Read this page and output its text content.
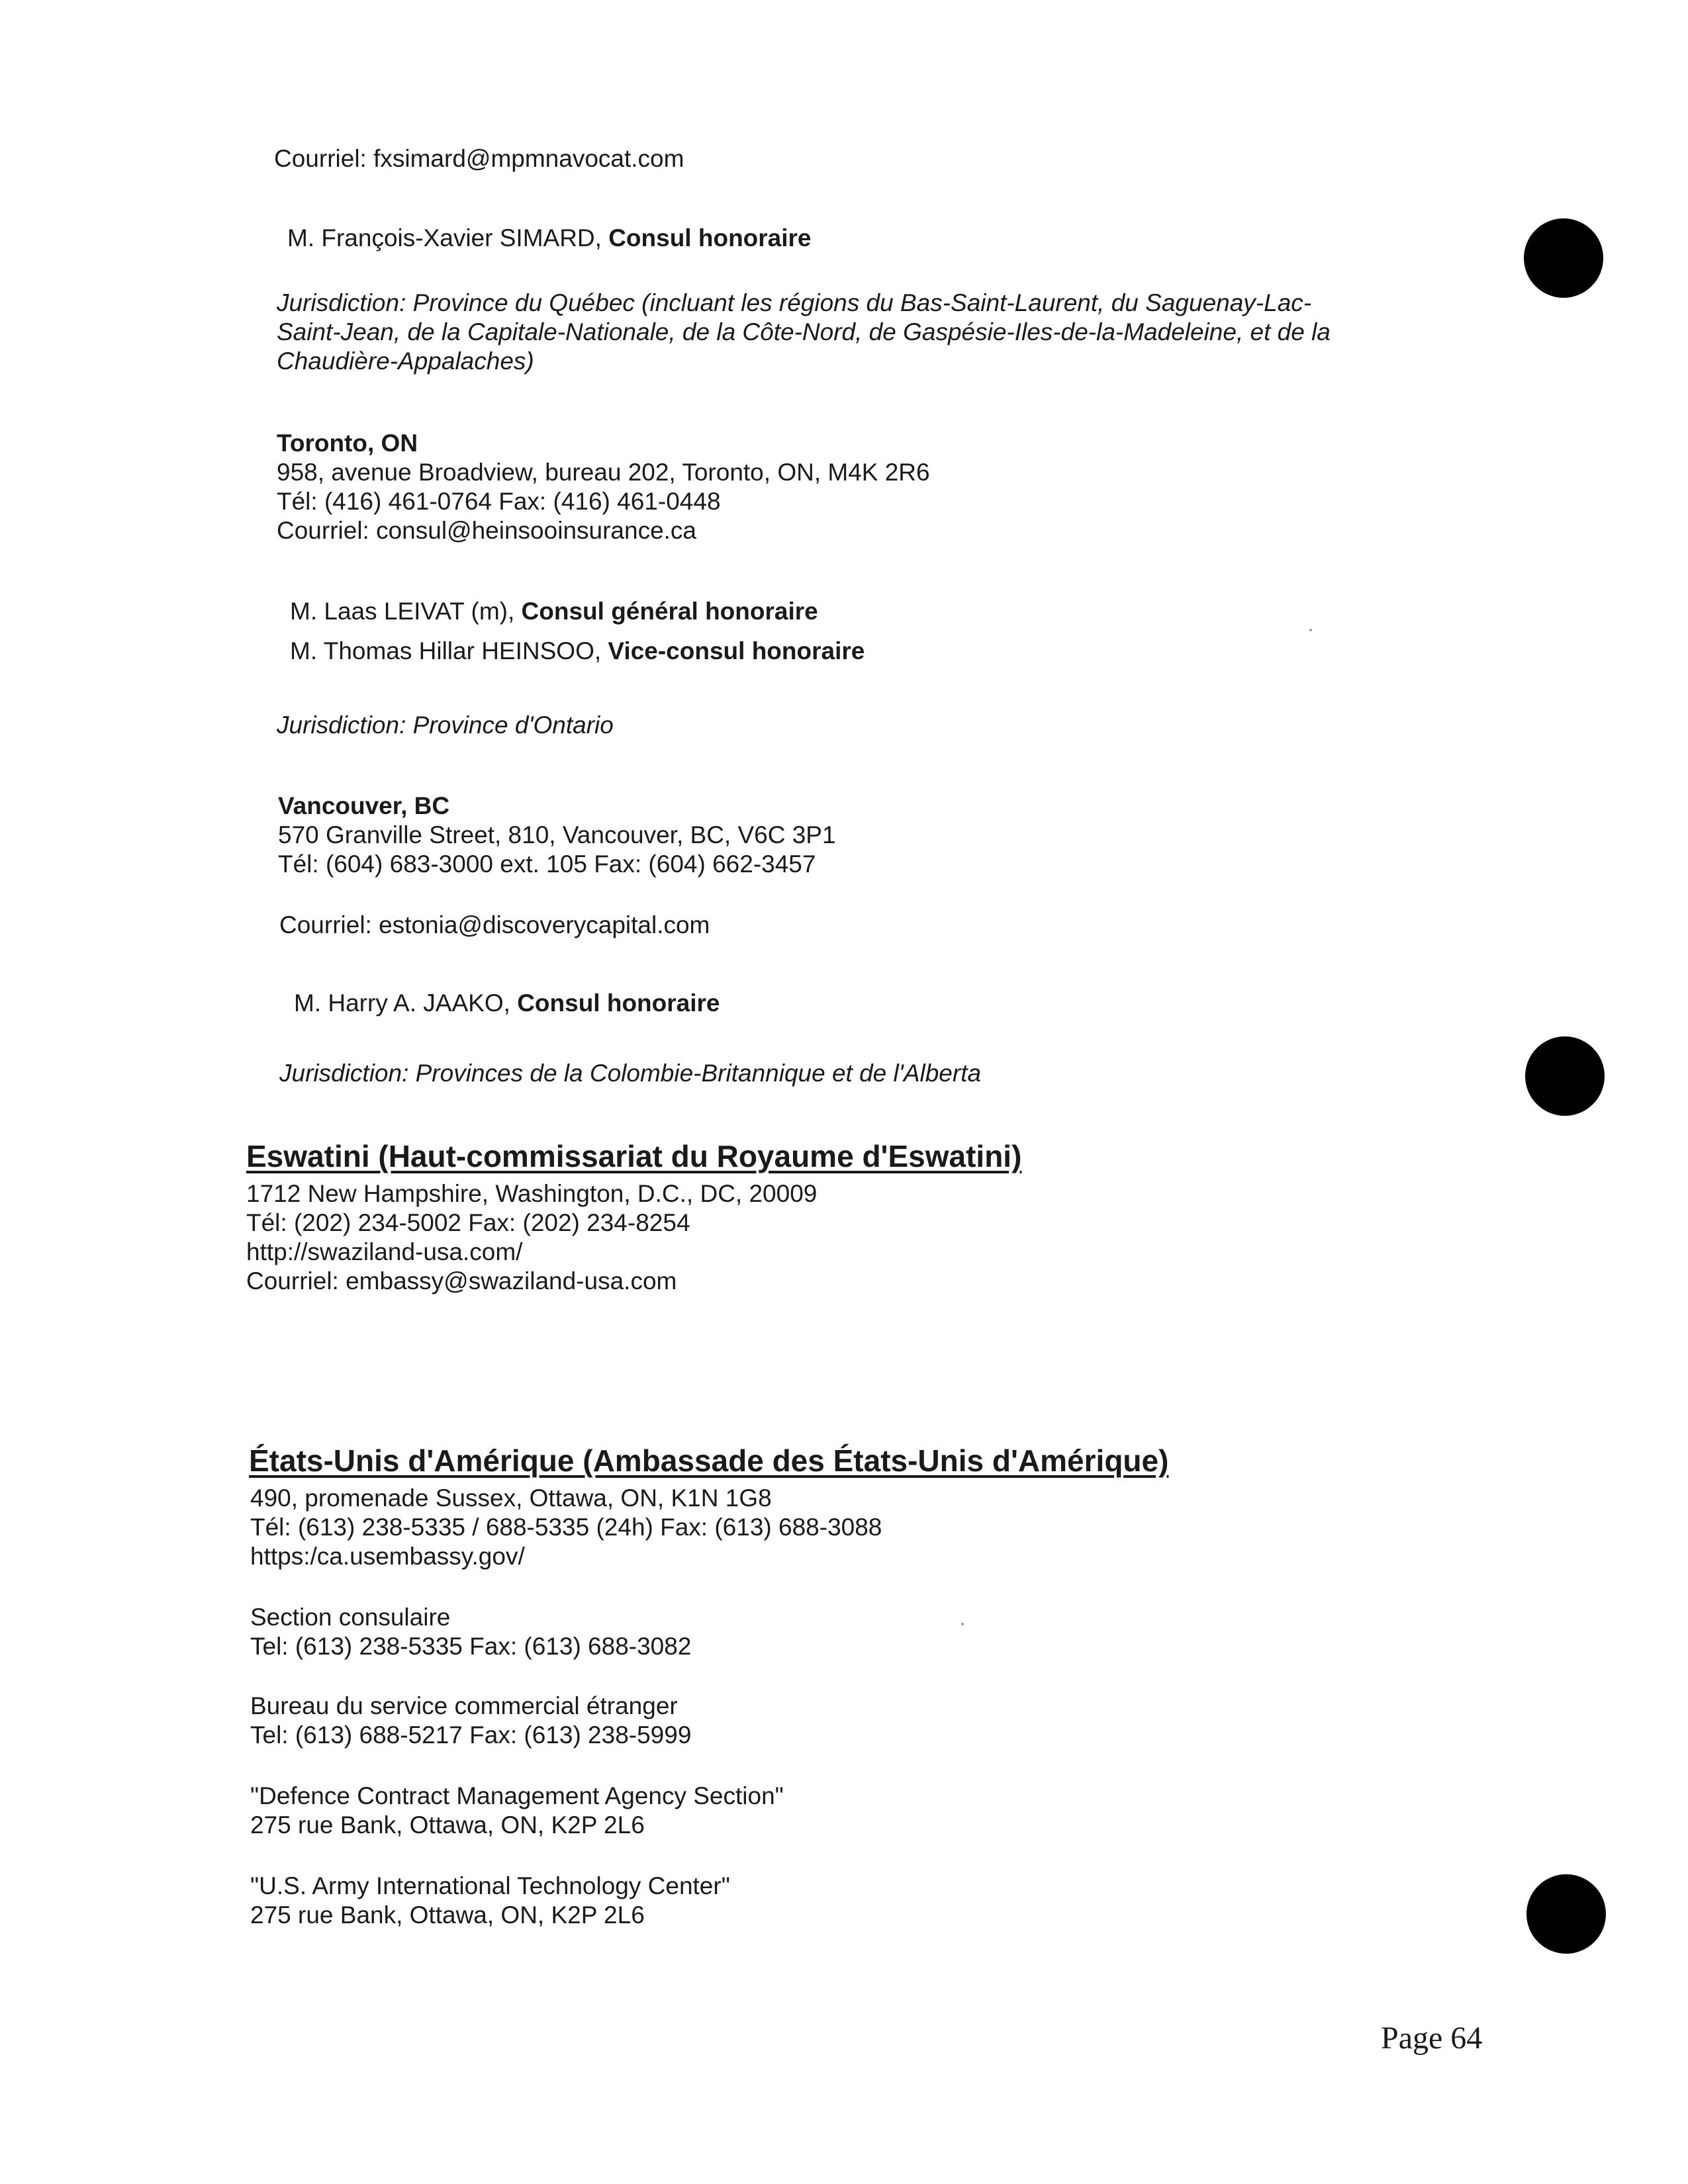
Courriel: fxsimard@mpmnavocat.com
M. François-Xavier SIMARD, Consul honoraire
Jurisdiction: Province du Québec (incluant les régions du Bas-Saint-Laurent, du Saguenay-Lac-
Saint-Jean, de la Capitale-Nationale, de la Côte-Nord, de Gaspésie-Iles-de-la-Madeleine, et de la
Chaudière-Appalaches)
Toronto, ON
958, avenue Broadview, bureau 202, Toronto, ON, M4K 2R6
Tél: (416) 461-0764 Fax: (416) 461-0448
Courriel: consul@heinsooinsurance.ca
M. Laas LEIVAT (m), Consul général honoraire
M. Thomas Hillar HEINSOO, Vice-consul honoraire
Jurisdiction: Province d'Ontario
Vancouver, BC
570 Granville Street, 810, Vancouver, BC, V6C 3P1
Tél: (604) 683-3000 ext. 105 Fax: (604) 662-3457
Courriel: estonia@discoverycapital.com
M. Harry A. JAAKO, Consul honoraire
Jurisdiction: Provinces de la Colombie-Britannique et de l'Alberta
Eswatini (Haut-commissariat du Royaume d'Eswatini)
1712 New Hampshire, Washington, D.C., DC, 20009
Tél: (202) 234-5002 Fax: (202) 234-8254
http://swaziland-usa.com/
Courriel: embassy@swaziland-usa.com
États-Unis d'Amérique (Ambassade des États-Unis d'Amérique)
490, promenade Sussex, Ottawa, ON, K1N 1G8
Tél: (613) 238-5335 / 688-5335 (24h) Fax: (613) 688-3088
https:/ca.usembassy.gov/
Section consulaire
Tel: (613) 238-5335 Fax: (613) 688-3082
Bureau du service commercial étranger
Tel: (613) 688-5217 Fax: (613) 238-5999
"Defence Contract Management Agency Section"
275 rue Bank, Ottawa, ON, K2P 2L6
"U.S. Army International Technology Center"
275 rue Bank, Ottawa, ON, K2P 2L6
Page 64
